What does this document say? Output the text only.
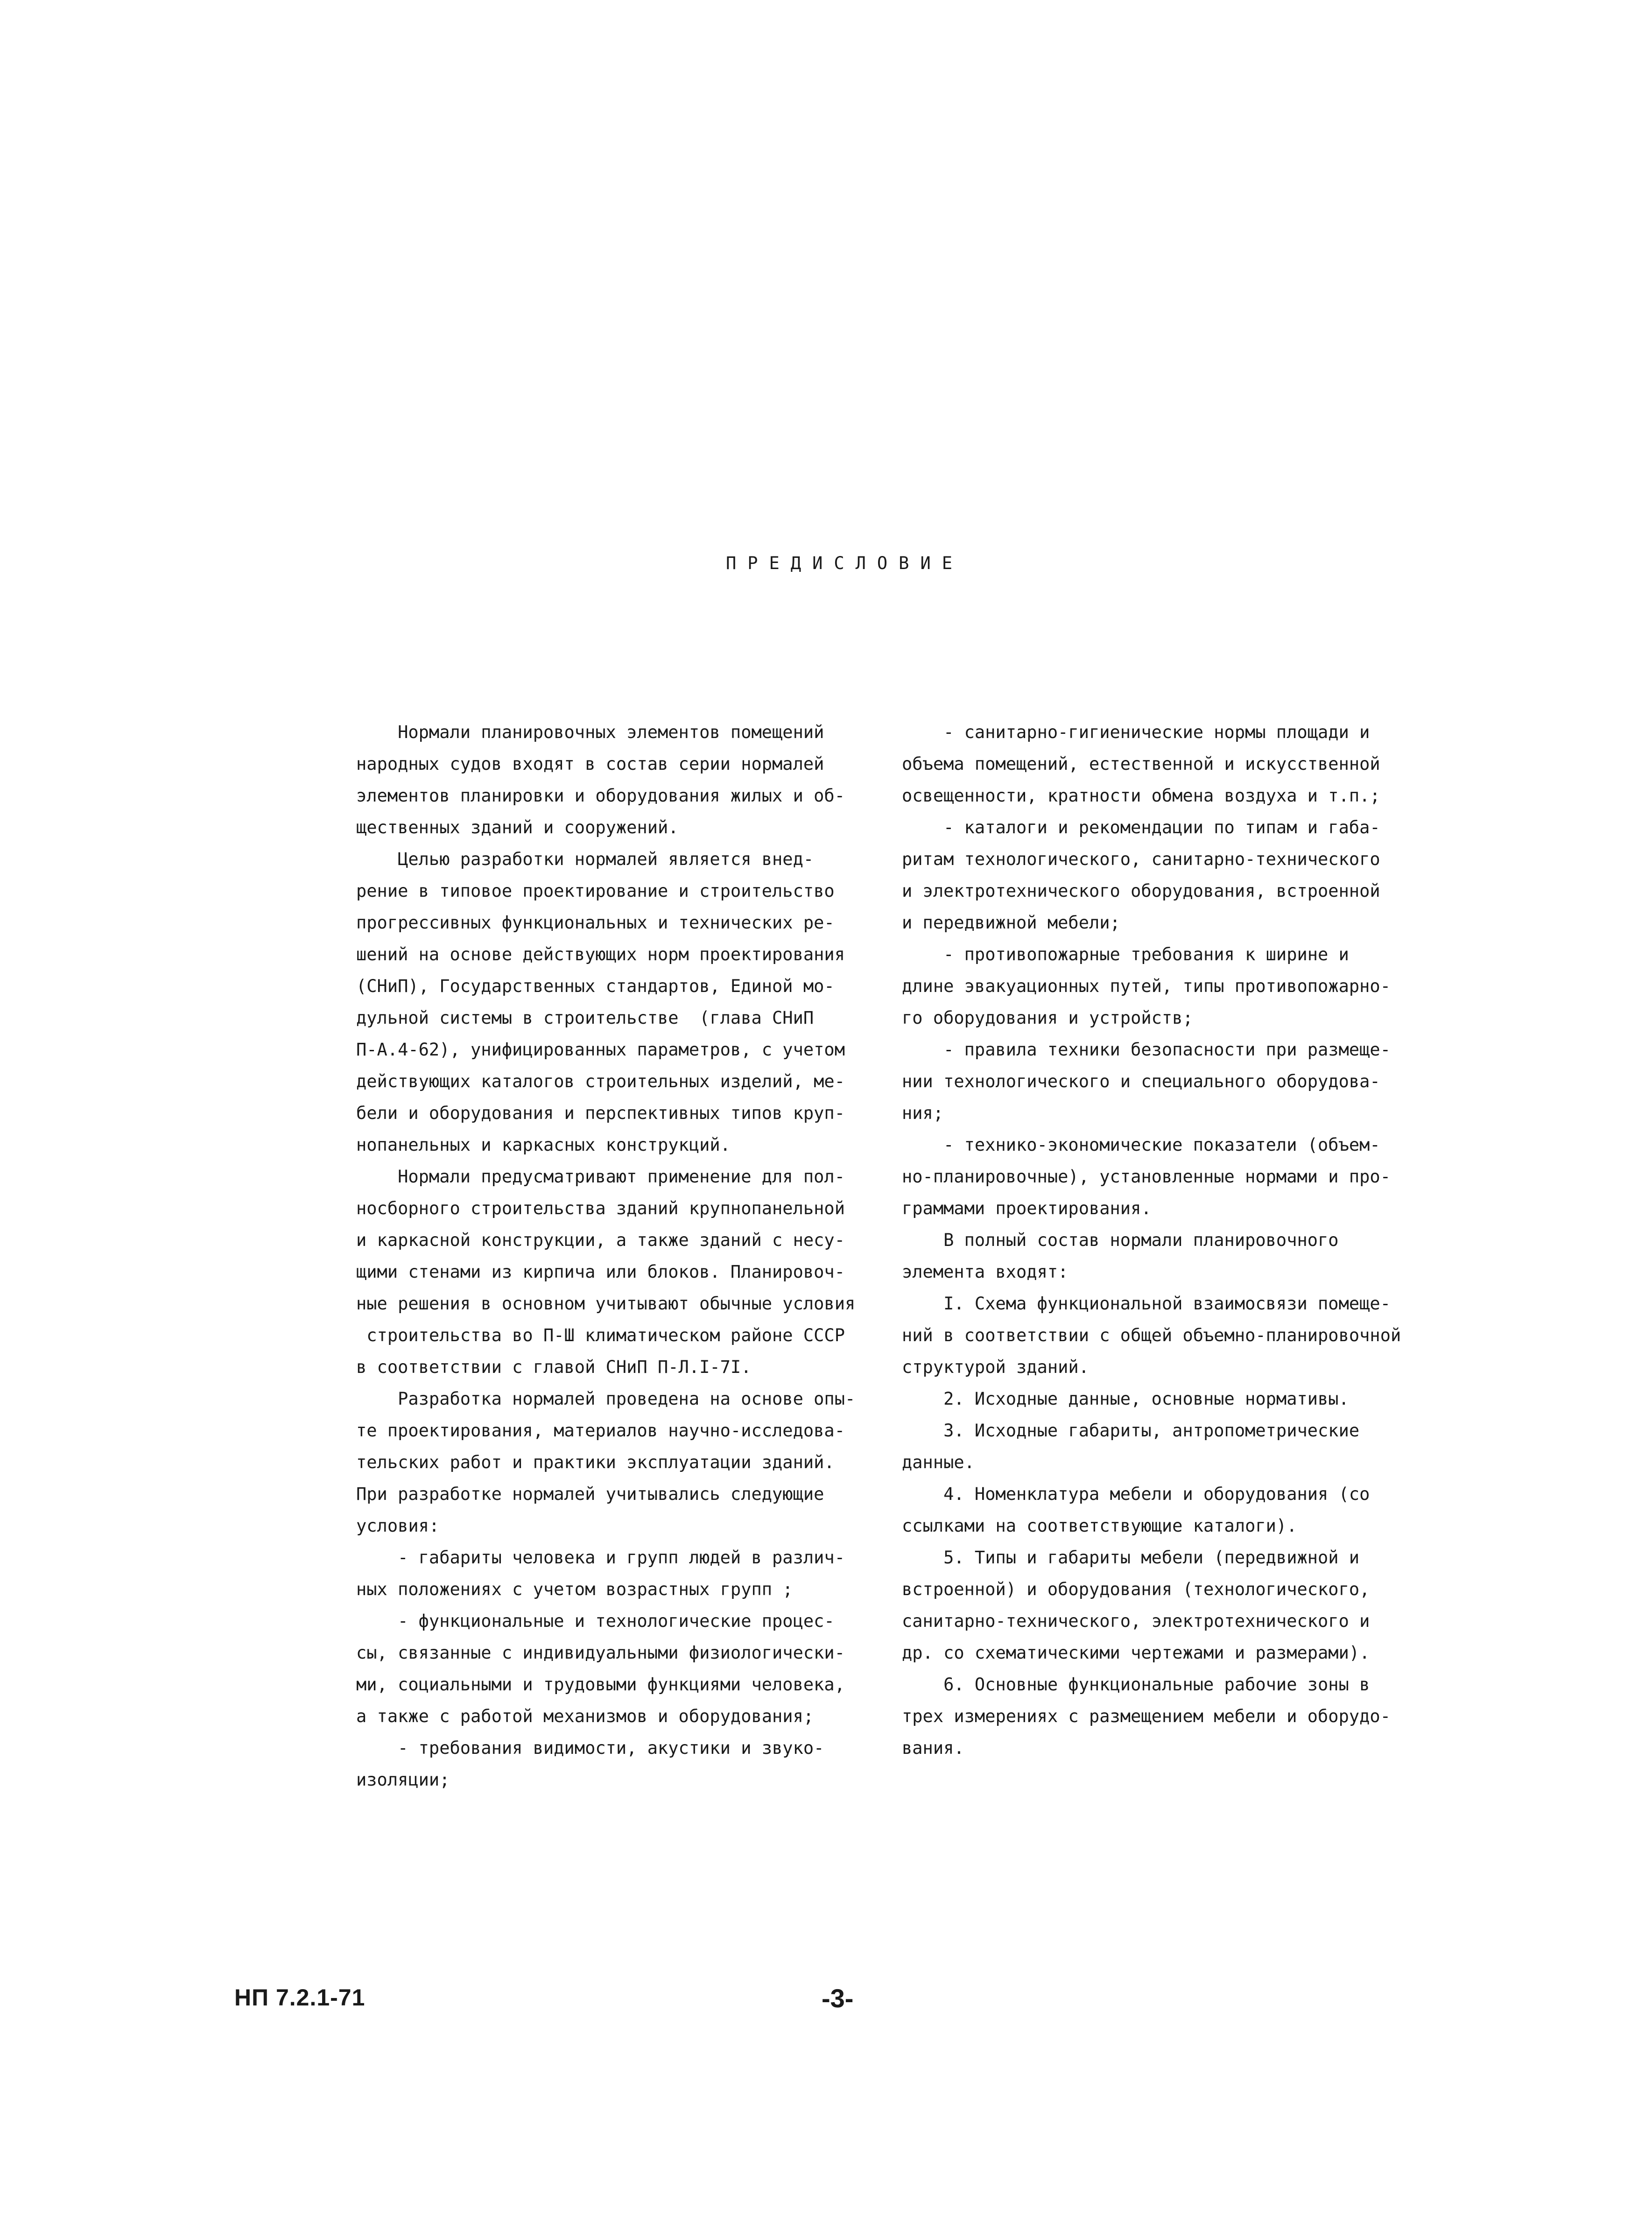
ПРЕДИСЛОВИЕ
Нормали планировочных элементов помещений
народных судов входят в состав серии нормалей
элементов планировки и оборудования жилых и об-
щественных зданий и сооружений.
Целью разработки нормалей является внед-
рение в типовое проектирование и строительство
прогрессивных функциональных и технических ре-
шений на основе действующих норм проектирования
(СНиП), Государственных стандартов, Единой мо-
дульной системы в строительстве  (глава СНиП
П-А.4-62), унифицированных параметров, с учетом
действующих каталогов строительных изделий, ме-
бели и оборудования и перспективных типов круп-
нопанельных и каркасных конструкций.
Нормали предусматривают применение для пол-
носборного строительства зданий крупнопанельной
и каркасной конструкции, а также зданий с несу-
щими стенами из кирпича или блоков. Планировоч-
ные решения в основном учитывают обычные условия
строительства во П-Ш климатическом районе СССР
в соответствии с главой СНиП П-Л.I-7I.
Разработка нормалей проведена на основе опы-
те проектирования, материалов научно-исследова-
тельских работ и практики эксплуатации зданий.
При разработке нормалей учитывались следующие
условия:
- габариты человека и групп людей в различ-
ных положениях с учетом возрастных групп ;
- функциональные и технологические процес-
сы, связанные с индивидуальными физиологически-
ми, социальными и трудовыми функциями человека,
а также с работой механизмов и оборудования;
- требования видимости, акустики и звуко-
изоляции;
- санитарно-гигиенические нормы площади и
объема помещений, естественной и искусственной
освещенности, кратности обмена воздуха и т.п.;
- каталоги и рекомендации по типам и габа-
ритам технологического, санитарно-технического
и электротехнического оборудования, встроенной
и передвижной мебели;
- противопожарные требования к ширине и
длине эвакуационных путей, типы противопожарно-
го оборудования и устройств;
- правила техники безопасности при размеще-
нии технологического и специального оборудова-
ния;
- технико-экономические показатели (объем-
но-планировочные), установленные нормами и про-
граммами проектирования.
В полный состав нормали планировочного
элемента входят:
I. Схема функциональной взаимосвязи помеще-
ний в соответствии с общей объемно-планировочной
структурой зданий.
2. Исходные данные, основные нормативы.
3. Исходные габариты, антропометрические
данные.
4. Номенклатура мебели и оборудования (со
ссылками на соответствующие каталоги).
5. Типы и габариты мебели (передвижной и
встроенной) и оборудования (технологического,
санитарно-технического, электротехнического и
др. со схематическими чертежами и размерами).
6. Основные функциональные рабочие зоны в
трех измерениях с размещением мебели и оборудо-
вания.
НП 7.2.1-71	-3-
